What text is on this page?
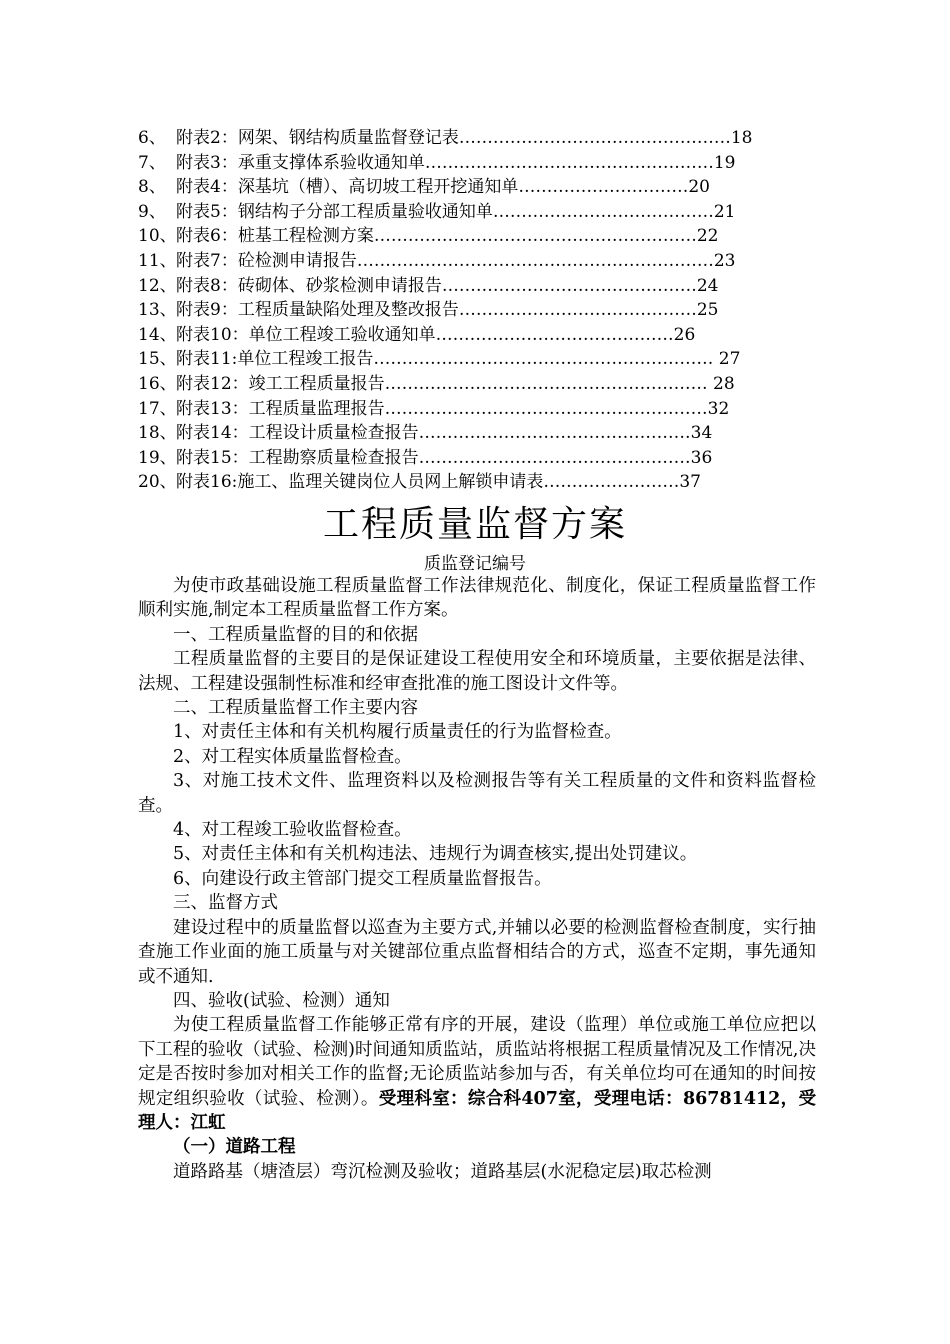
6、 附表2：网架、钢结构质量监督登记表…………………………………………18
7、 附表3：承重支撑体系验收通知单……………………………………………19
8、 附表4：深基坑（槽）、高切坡工程开挖通知单…………………………20
9、 附表5：钢结构子分部工程质量验收通知单…………………………………21
10、附表6：桩基工程检测方案…………………………………………………22
11、附表7：砼检测申请报告………………………………………………………23
12、附表8：砖砌体、砂浆检测申请报告………………………………………24
13、附表9：工程质量缺陷处理及整改报告……………………………………25
14、附表10：单位工程竣工验收通知单……………………………………26
15、附表11:单位工程竣工报告…………………………………………………… 27
16、附表12：竣工工程质量报告………………………………………………… 28
17、附表13：工程质量监理报告…………………………………………………32
18、附表14：工程设计质量检查报告…………………………………………34
19、附表15：工程勘察质量检查报告…………………………………………36
20、附表16:施工、监理关键岗位人员网上解锁申请表……………………37
工程质量监督方案
质监登记编号

为使市政基础设施工程质量监督工作法律规范化、制度化，保证工程质量监督工作顺利实施,制定本工程质量监督工作方案。

一、工程质量监督的目的和依据

工程质量监督的主要目的是保证建设工程使用安全和环境质量，主要依据是法律、法规、工程建设强制性标准和经审查批准的施工图设计文件等。

二、工程质量监督工作主要内容

1、对责任主体和有关机构履行质量责任的行为监督检查。

2、对工程实体质量监督检查。

3、对施工技术文件、监理资料以及检测报告等有关工程质量的文件和资料监督检查。

4、对工程竣工验收监督检查。

5、对责任主体和有关机构违法、违规行为调查核实,提出处罚建议。

6、向建设行政主管部门提交工程质量监督报告。

三、监督方式

建设过程中的质量监督以巡查为主要方式,并辅以必要的检测监督检查制度，实行抽查施工作业面的施工质量与对关键部位重点监督相结合的方式，巡查不定期，事先通知或不通知.

四、验收(试验、检测）通知

为使工程质量监督工作能够正常有序的开展，建设（监理）单位或施工单位应把以下工程的验收（试验、检测)时间通知质监站，质监站将根据工程质量情况及工作情况,决定是否按时参加对相关工作的监督;无论质监站参加与否，有关单位均可在通知的时间按规定组织验收（试验、检测）。受理科室：综合科407室，受理电话：86781412，受理人：江虹

（一）道路工程

道路路基（塘渣层）弯沉检测及验收；道路基层(水泥稳定层)取芯检测
